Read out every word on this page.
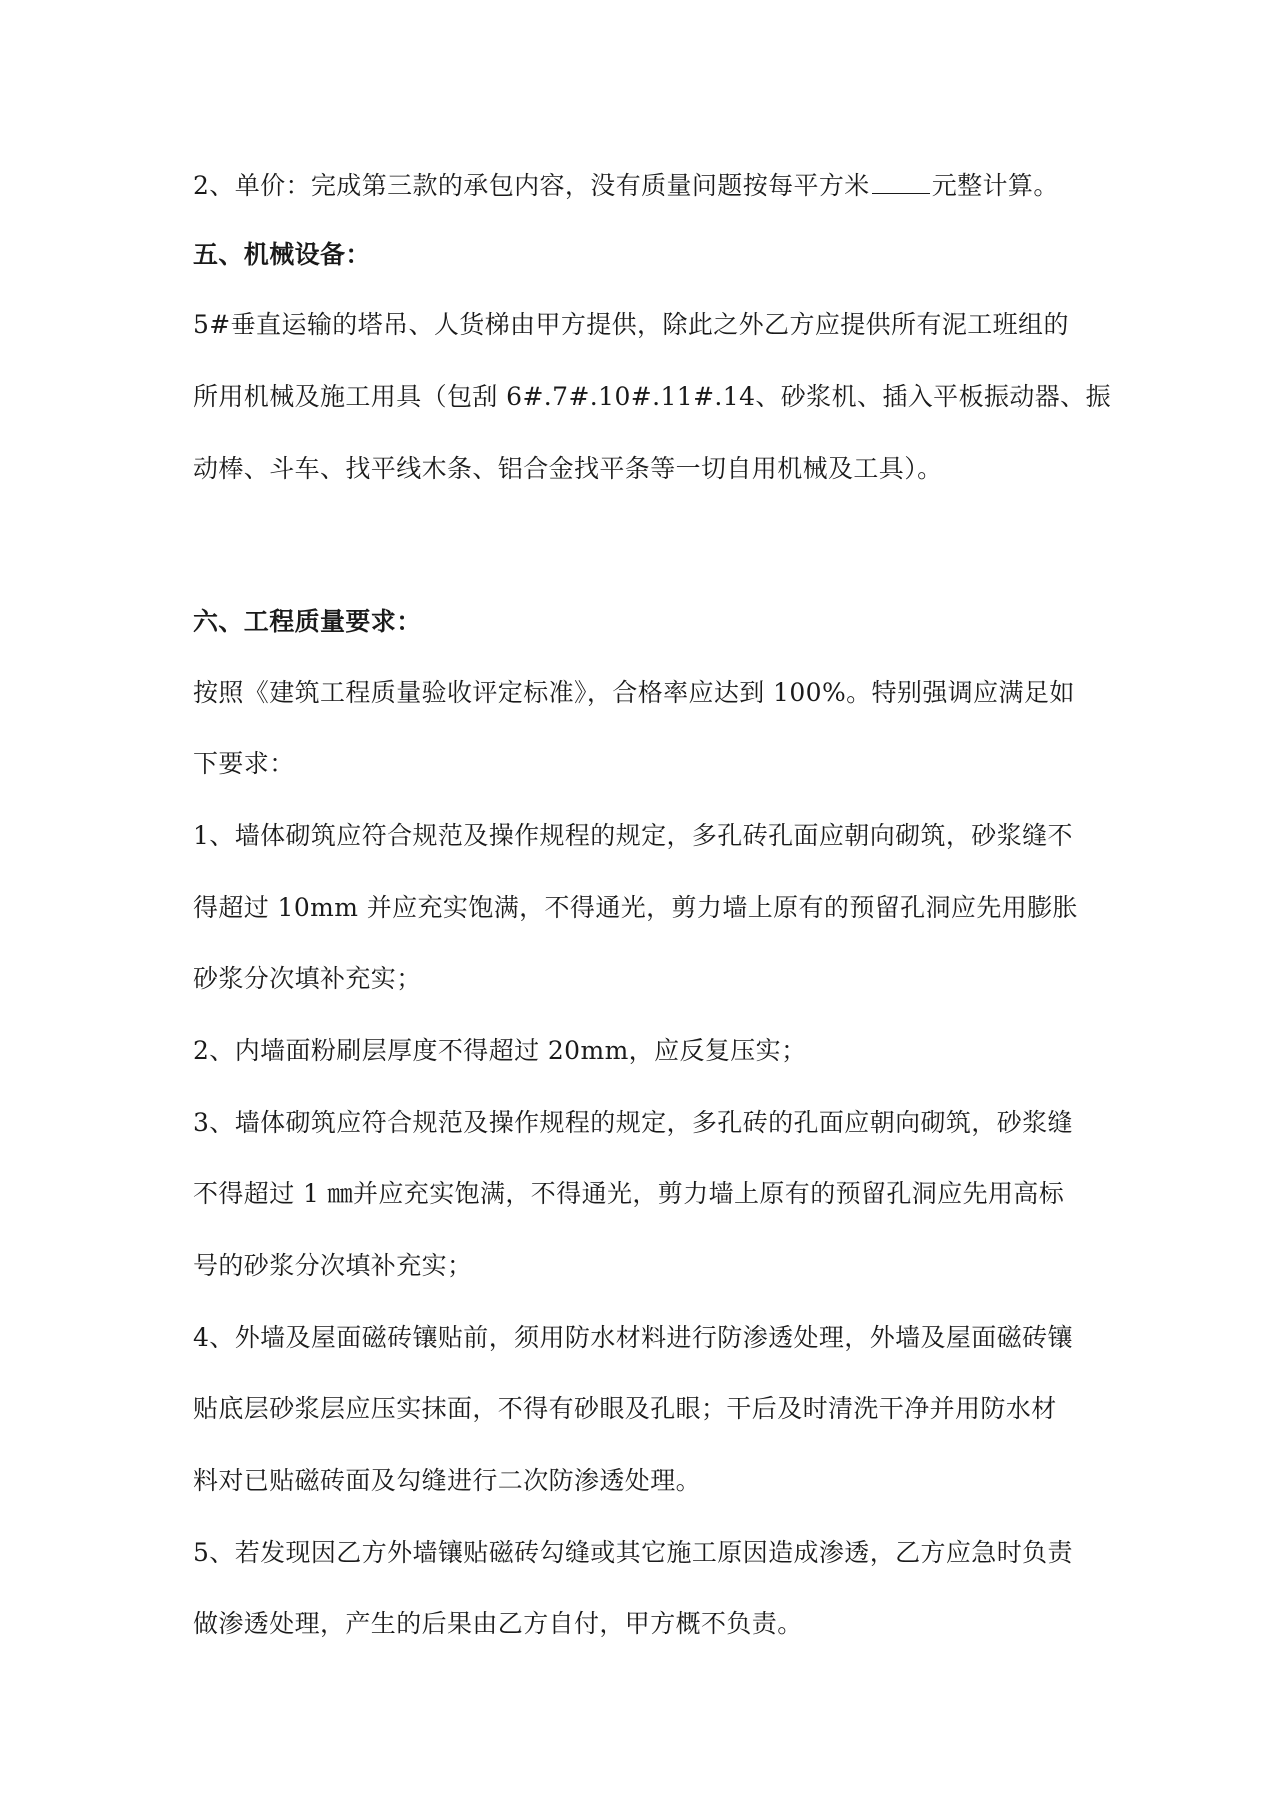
2、单价：完成第三款的承包内容，没有质量问题按每平方米 元整计算。

五、机械设备：

5#垂直运输的塔吊、人货梯由甲方提供，除此之外乙方应提供所有泥工班组的

所用机械及施工用具（包刮 6#.7#.10#.11#.14、砂浆机、插入平板振动器、振

动棒、斗车、找平线木条、铝合金找平条等一切自用机械及工具）。

六、工程质量要求：

按照《建筑工程质量验收评定标准》，合格率应达到 100%。特别强调应满足如

下要求：

1、墙体砌筑应符合规范及操作规程的规定，多孔砖孔面应朝向砌筑，砂浆缝不

得超过 10mm 并应充实饱满，不得通光，剪力墙上原有的预留孔洞应先用膨胀

砂浆分次填补充实；

2、内墙面粉刷层厚度不得超过 20mm，应反复压实；

3、墙体砌筑应符合规范及操作规程的规定，多孔砖的孔面应朝向砌筑，砂浆缝

不得超过 1 ㎜并应充实饱满，不得通光，剪力墙上原有的预留孔洞应先用高标

号的砂浆分次填补充实；

4、外墙及屋面磁砖镶贴前，须用防水材料进行防渗透处理，外墙及屋面磁砖镶

贴底层砂浆层应压实抹面，不得有砂眼及孔眼；干后及时清洗干净并用防水材

料对已贴磁砖面及勾缝进行二次防渗透处理。

5、若发现因乙方外墙镶贴磁砖勾缝或其它施工原因造成渗透，乙方应急时负责

做渗透处理，产生的后果由乙方自付，甲方概不负责。
